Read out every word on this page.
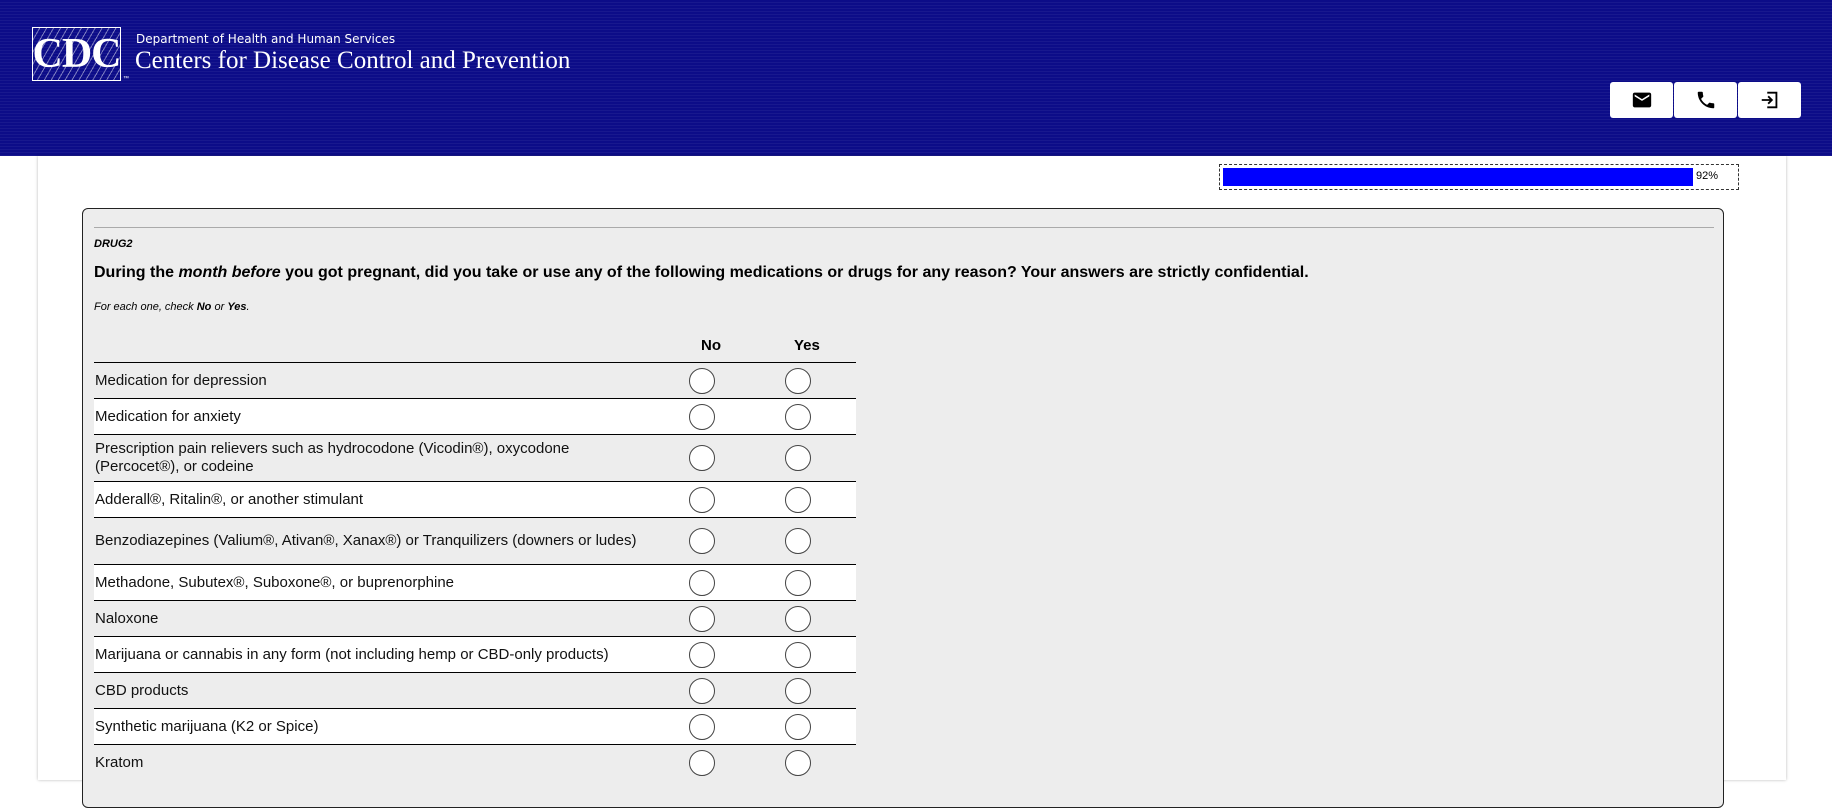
CDC
™
Department of Health and Human Services
Centers for Disease Control and Prevention
92%
DRUG2
During the month before you got pregnant, did you take or use any of the following medications or drugs for any reason? Your answers are strictly confidential.
For each one, check No or Yes.
No	Yes
Medication for depression
Medication for anxiety
Prescription pain relievers such as hydrocodone (Vicodin®), oxycodone (Percocet®), or codeine
Adderall®, Ritalin®, or another stimulant
Benzodiazepines (Valium®, Ativan®, Xanax®) or Tranquilizers (downers or ludes)
Methadone, Subutex®, Suboxone®, or buprenorphine
Naloxone
Marijuana or cannabis in any form (not including hemp or CBD-only products)
CBD products
Synthetic marijuana (K2 or Spice)
Kratom
